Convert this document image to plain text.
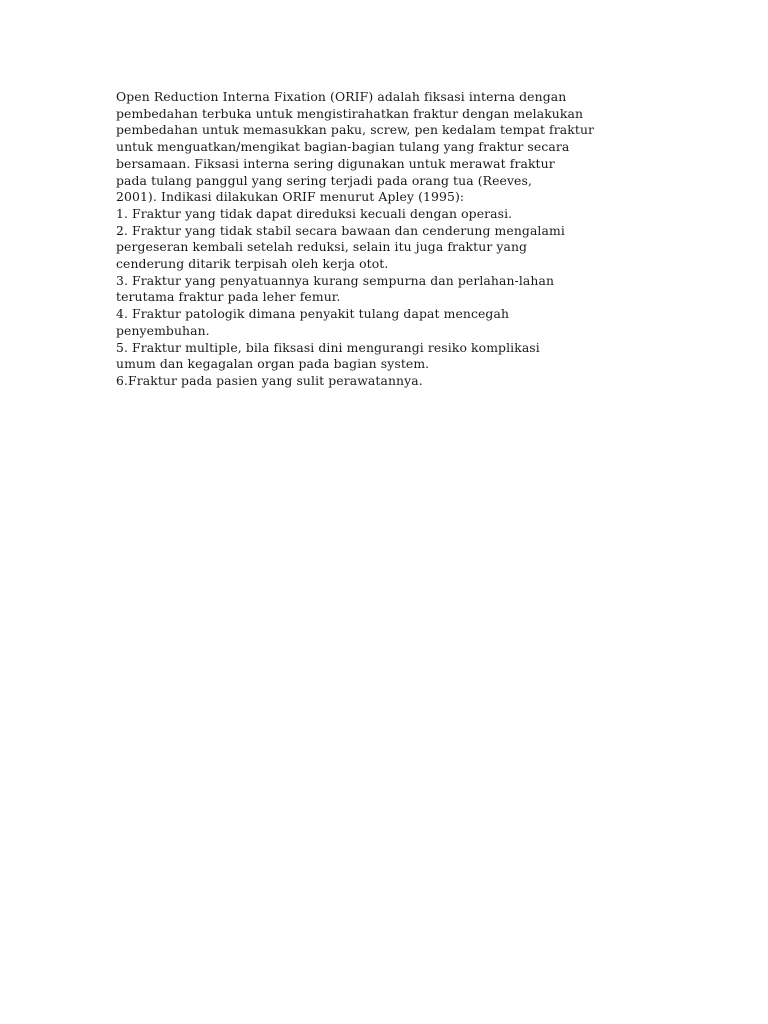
Open Reduction Interna Fixation (ORIF) adalah fiksasi interna dengan
pembedahan terbuka untuk mengistirahatkan fraktur dengan melakukan
pembedahan untuk memasukkan paku, screw, pen kedalam tempat fraktur
untuk menguatkan/mengikat bagian-bagian tulang yang fraktur secara
bersamaan. Fiksasi interna sering digunakan untuk merawat fraktur
pada tulang panggul yang sering terjadi pada orang tua (Reeves,
2001). Indikasi dilakukan ORIF menurut Apley (1995):

1. Fraktur yang tidak dapat direduksi kecuali dengan operasi.

2. Fraktur yang tidak stabil secara bawaan dan cenderung mengalami
pergeseran kembali setelah reduksi, selain itu juga fraktur yang
cenderung ditarik terpisah oleh kerja otot.

3. Fraktur yang penyatuannya kurang sempurna dan perlahan-lahan
terutama fraktur pada leher femur.

4. Fraktur patologik dimana penyakit tulang dapat mencegah
penyembuhan.

5. Fraktur multiple, bila fiksasi dini mengurangi resiko komplikasi
umum dan kegagalan organ pada bagian system.

6.Fraktur pada pasien yang sulit perawatannya.
